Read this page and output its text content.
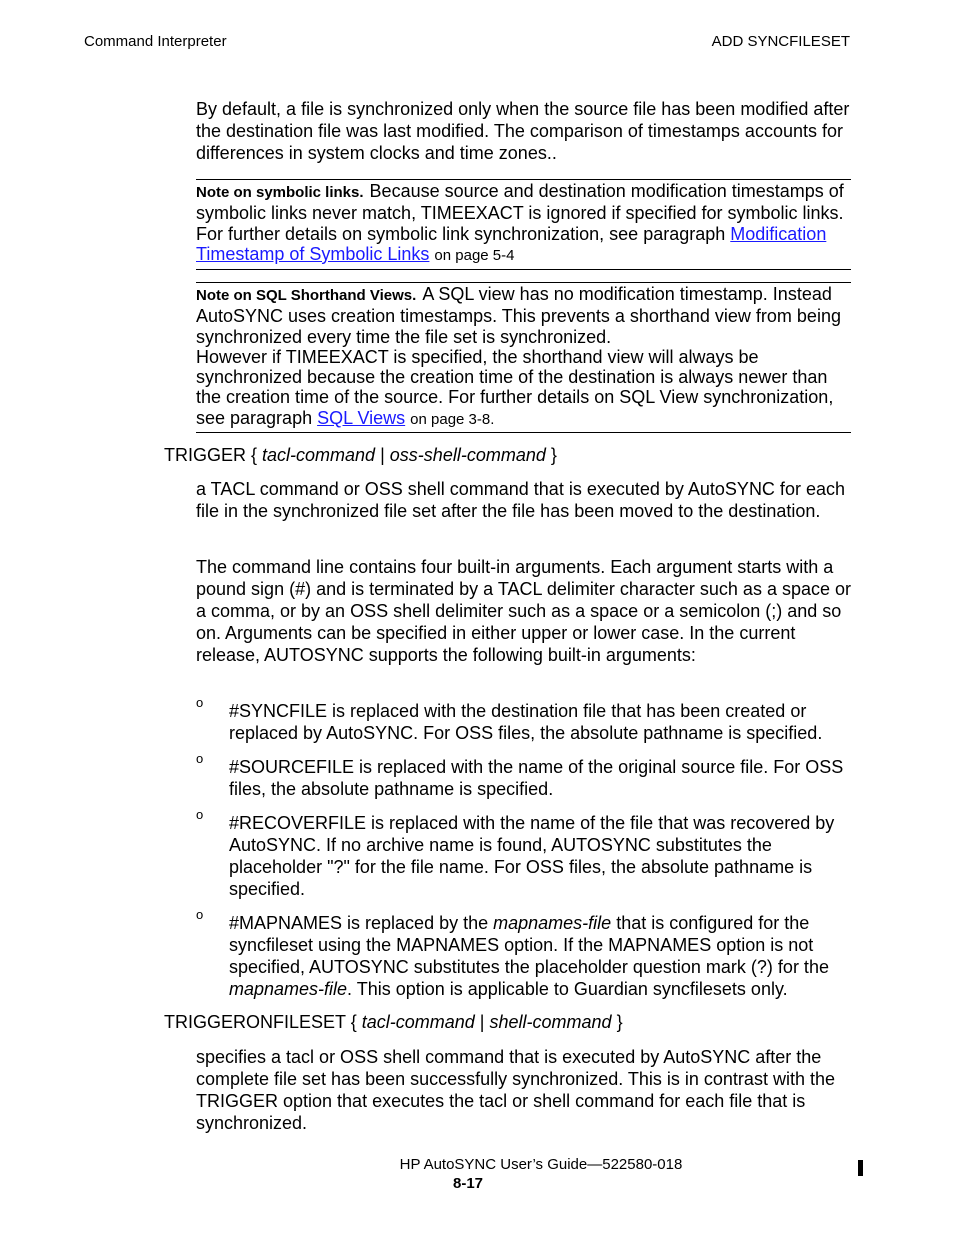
Command Interpreter	ADD SYNCFILESET

By default, a file is synchronized only when the source file has been modified after the destination file was last modified. The comparison of timestamps accounts for differences in system clocks and time zones..

Note on symbolic links. Because source and destination modification timestamps of symbolic links never match, TIMEEXACT is ignored if specified for symbolic links. For further details on symbolic link synchronization, see paragraph Modification Timestamp of Symbolic Links on page 5-4

Note on SQL Shorthand Views. A SQL view has no modification timestamp. Instead AutoSYNC uses creation timestamps. This prevents a shorthand view from being synchronized every time the file set is synchronized.
However if TIMEEXACT is specified, the shorthand view will always be synchronized because the creation time of the destination is always newer than the creation time of the source. For further details on SQL View synchronization, see paragraph SQL Views on page 3-8.

TRIGGER { tacl-command | oss-shell-command }

a TACL command or OSS shell command that is executed by AutoSYNC for each file in the synchronized file set after the file has been moved to the destination.

The command line contains four built-in arguments. Each argument starts with a pound sign (#) and is terminated by a TACL delimiter character such as a space or a comma, or by an OSS shell delimiter such as a space or a semicolon (;) and so on. Arguments can be specified in either upper or lower case. In the current release, AUTOSYNC supports the following built-in arguments:

o #SYNCFILE is replaced with the destination file that has been created or replaced by AutoSYNC. For OSS files, the absolute pathname is specified.
o #SOURCEFILE is replaced with the name of the original source file. For OSS files, the absolute pathname is specified.
o #RECOVERFILE is replaced with the name of the file that was recovered by AutoSYNC. If no archive name is found, AUTOSYNC substitutes the placeholder "?" for the file name. For OSS files, the absolute pathname is specified.
o #MAPNAMES is replaced by the mapnames-file that is configured for the syncfileset using the MAPNAMES option. If the MAPNAMES option is not specified, AUTOSYNC substitutes the placeholder question mark (?) for the mapnames-file. This option is applicable to Guardian syncfilesets only.
TRIGGERONFILESET { tacl-command | shell-command }

specifies a tacl or OSS shell command that is executed by AutoSYNC after the complete file set has been successfully synchronized. This is in contrast with the TRIGGER option that executes the tacl or shell command for each file that is synchronized.

HP AutoSYNC User’s Guide—522580-018
8-17
